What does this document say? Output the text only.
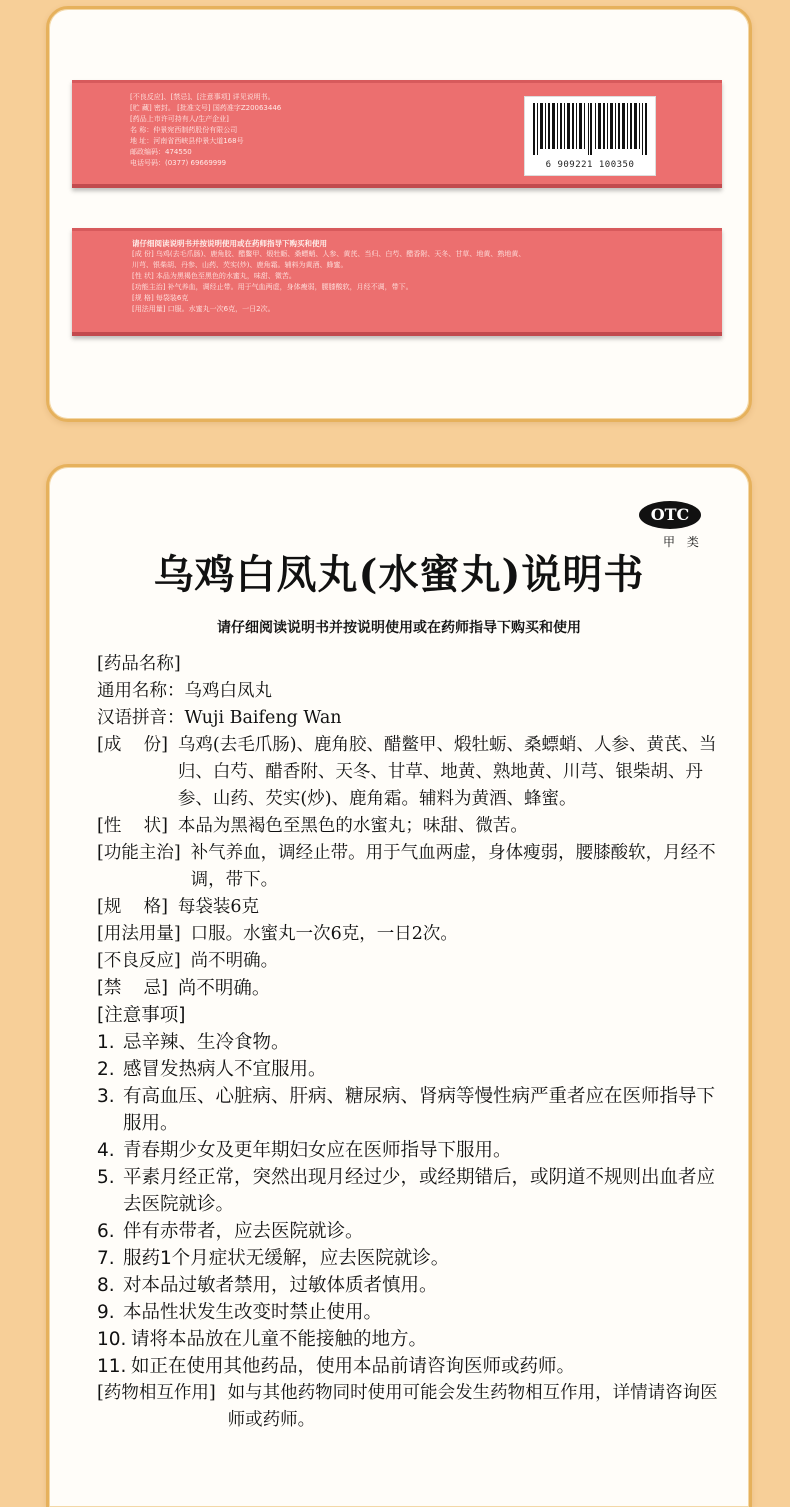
[不良反应]、[禁忌]、[注意事项] 详见说明书。
[贮 藏] 密封。 [批准文号] 国药准字Z20063446
[药品上市许可持有人/生产企业]
名 称：仲景宛西制药股份有限公司
地 址：河南省西峡县仲景大道168号
邮政编码：474550
电话号码：(0377) 69669999	6 909221 100350
请仔细阅读说明书并按说明使用或在药师指导下购买和使用
[成 份] 乌鸡(去毛爪肠)、鹿角胶、醋鳖甲、煅牡蛎、桑螵蛸、人参、黄芪、当归、白芍、醋香附、天冬、甘草、地黄、熟地黄、
川芎、银柴胡、丹参、山药、芡实(炒)、鹿角霜。辅料为黄酒、蜂蜜。
[性 状] 本品为黑褐色至黑色的水蜜丸，味甜、微苦。
[功能主治] 补气养血，调经止带。用于气血两虚，身体瘦弱，腰膝酸软，月经不调，带下。
[规 格] 每袋装6克
[用法用量] 口服。水蜜丸一次6克，一日2次。
OTC
甲 类
乌鸡白凤丸(水蜜丸)说明书
请仔细阅读说明书并按说明使用或在药师指导下购买和使用
[药品名称]
通用名称： 乌鸡白凤丸
汉语拼音： Wuji Baifeng Wan
[成    份] 乌鸡(去毛爪肠)、鹿角胶、醋鳖甲、煅牡蛎、桑螵蛸、人参、黄芪、当归、白芍、醋香附、天冬、甘草、地黄、熟地黄、川芎、银柴胡、丹参、山药、芡实(炒)、鹿角霜。辅料为黄酒、蜂蜜。
[性    状] 本品为黑褐色至黑色的水蜜丸；味甜、微苦。
[功能主治] 补气养血，调经止带。用于气血两虚，身体瘦弱，腰膝酸软，月经不调，带下。
[规    格] 每袋装6克
[用法用量] 口服。水蜜丸一次6克，一日2次。
[不良反应] 尚不明确。
[禁    忌] 尚不明确。
[注意事项]
1. 忌辛辣、生冷食物。
2. 感冒发热病人不宜服用。
3. 有高血压、心脏病、肝病、糖尿病、肾病等慢性病严重者应在医师指导下服用。
4. 青春期少女及更年期妇女应在医师指导下服用。
5. 平素月经正常，突然出现月经过少，或经期错后，或阴道不规则出血者应去医院就诊。
6. 伴有赤带者，应去医院就诊。
7. 服药1个月症状无缓解，应去医院就诊。
8. 对本品过敏者禁用，过敏体质者慎用。
9. 本品性状发生改变时禁止使用。
10. 请将本品放在儿童不能接触的地方。
11. 如正在使用其他药品，使用本品前请咨询医师或药师。
[药物相互作用] 如与其他药物同时使用可能会发生药物相互作用，详情请咨询医师或药师。
